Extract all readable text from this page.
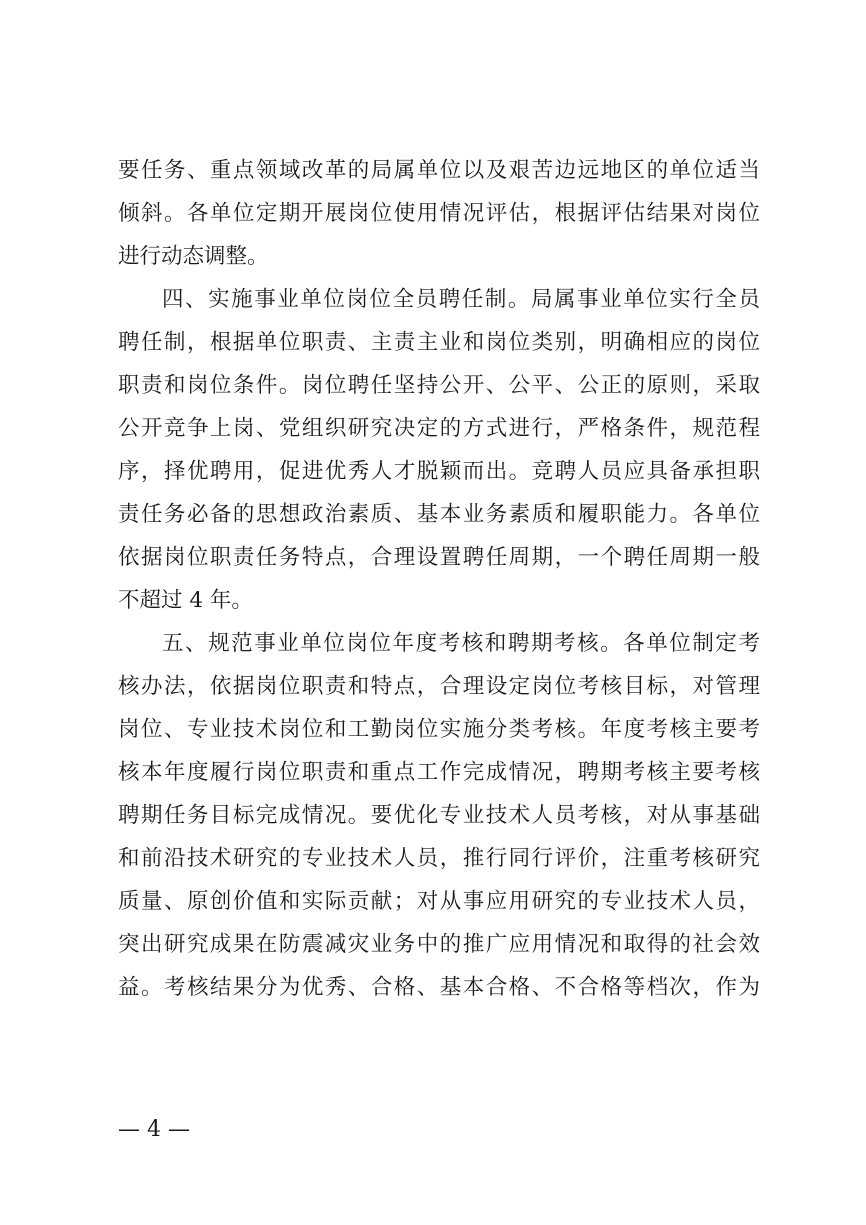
要任务、重点领域改革的局属单位以及艰苦边远地区的单位适当
倾斜。各单位定期开展岗位使用情况评估，根据评估结果对岗位
进行动态调整。
四、实施事业单位岗位全员聘任制。局属事业单位实行全员
聘任制，根据单位职责、主责主业和岗位类别，明确相应的岗位
职责和岗位条件。岗位聘任坚持公开、公平、公正的原则，采取
公开竞争上岗、党组织研究决定的方式进行，严格条件，规范程
序，择优聘用，促进优秀人才脱颖而出。竞聘人员应具备承担职
责任务必备的思想政治素质、基本业务素质和履职能力。各单位
依据岗位职责任务特点，合理设置聘任周期，一个聘任周期一般
不超过 4 年。
五、规范事业单位岗位年度考核和聘期考核。各单位制定考
核办法，依据岗位职责和特点，合理设定岗位考核目标，对管理
岗位、专业技术岗位和工勤岗位实施分类考核。年度考核主要考
核本年度履行岗位职责和重点工作完成情况，聘期考核主要考核
聘期任务目标完成情况。要优化专业技术人员考核，对从事基础
和前沿技术研究的专业技术人员，推行同行评价，注重考核研究
质量、原创价值和实际贡献；对从事应用研究的专业技术人员，
突出研究成果在防震减灾业务中的推广应用情况和取得的社会效
益。考核结果分为优秀、合格、基本合格、不合格等档次，作为
— 4 —
